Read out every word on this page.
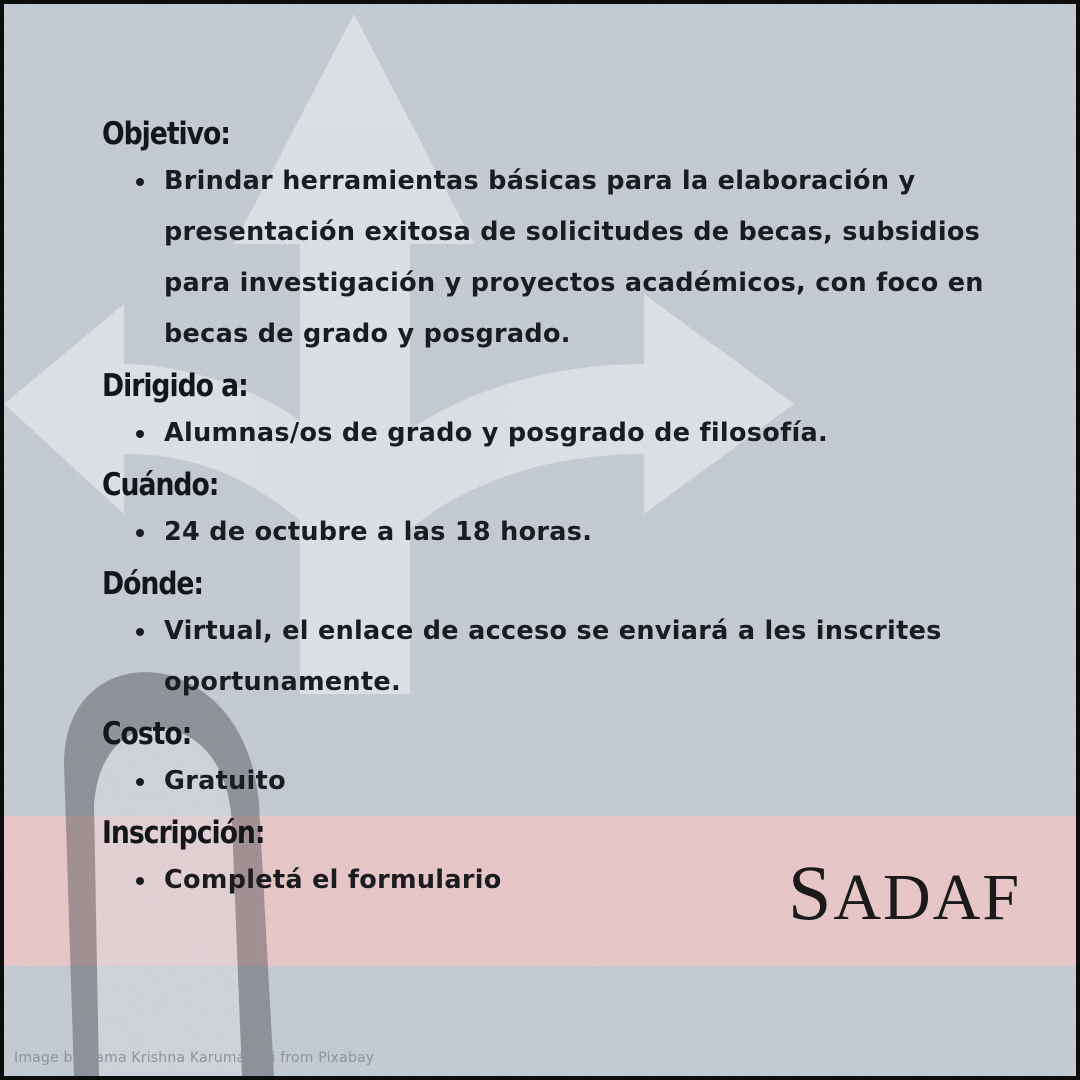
Objetivo:
Brindar herramientas básicas para la elaboración y presentación exitosa de solicitudes de becas, subsidios para investigación y proyectos académicos, con foco en becas de grado y posgrado.
Dirigido a:
Alumnas/os de grado y posgrado de filosofía.
Cuándo:
24 de octubre a las 18 horas.
Dónde:
Virtual, el enlace de acceso se enviará a les inscrites oportunamente.
Costo:
Gratuito
Inscripción:
Completá el formulario	SADAF
Image by Rama Krishna Karumanchi from Pixabay
